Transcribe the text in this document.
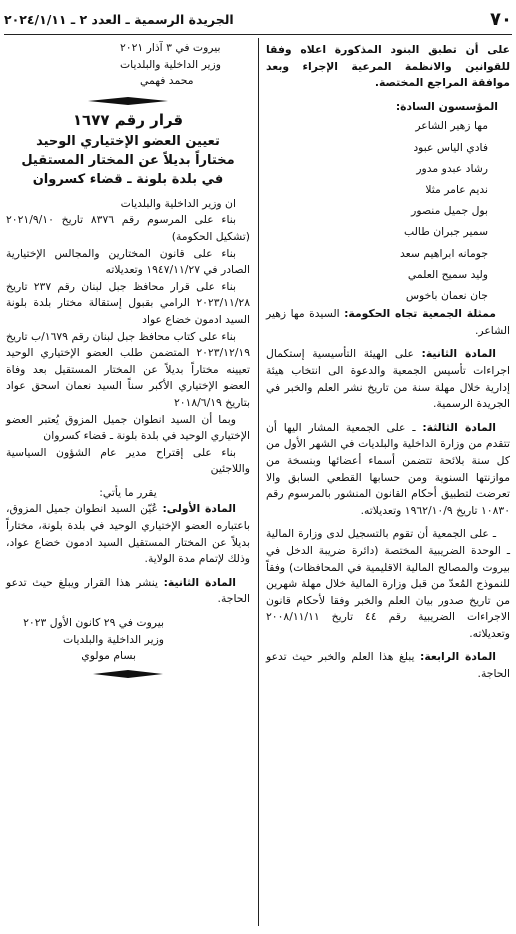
٧٠
الجريدة الرسمية ـ العدد ٢ ـ ٢٠٢٤/١/١١

على أن تطبق البنود المذكورة اعلاه وفقا للقوانين والانظمة المرعية الإجراء وبعد موافقة المراجع المختصة.

المؤسسون السادة:

مها زهير الشاعر

فادي الياس عبود

رشاد عبدو مدور

نديم عامر مثلا

بول جميل منصور

سمير جبران طالب

جومانه ابراهيم سعد

وليد سميح العلمي

جان نعمان باخوس

ممثلة الجمعية تجاه الحكومة: السيدة مها زهير الشاعر.

المادة الثانية: على الهيئة التأسيسية إستكمال اجراءات تأسيس الجمعية والدعوة الى انتخاب هيئة إدارية خلال مهلة سنة من تاريخ نشر العلم والخبر في الجريدة الرسمية.

المادة الثالثة: ـ على الجمعية المشار اليها أن تتقدم من وزارة الداخلية والبلديات في الشهر الأول من كل سنة بلائحة تتضمن أسماء أعضائها وبنسخة من موازنتها السنوية ومن حسابها القطعي السابق والا تعرضت لتطبيق أحكام القانون المنشور بالمرسوم رقم ١٠٨٣٠ تاريخ ١٩٦٢/١٠/٩ وتعديلاته.

ـ على الجمعية أن تقوم بالتسجيل لدى وزارة المالية ـ الوحدة الضريبية المختصة (دائرة ضريبة الدخل في بيروت والمصالح المالية الاقليمية في المحافظات) وفقاً للنموذج المُعدّ من قبل وزارة المالية خلال مهلة شهرين من تاريخ صدور بيان العلم والخبر وفقا لأحكام قانون الاجراءات الضريبية رقم ٤٤ تاريخ ٢٠٠٨/١١/١١ وتعديلاته.

المادة الرابعة: يبلغ هذا العلم والخبر حيث تدعو الحاجة.

بيروت في ٣ آذار ٢٠٢١

وزير الداخلية والبلديات

محمد فهمي

قرار رقم ١٦٧٧

تعيين العضو الإختياري الوحيد مختاراً بديلاً عن المختار المستقيل في بلدة بلونة ـ قضاء كسروان

ان وزير الداخلية والبلديات

بناء على المرسوم رقم ٨٣٧٦ تاريخ ٢٠٢١/٩/١٠ (تشكيل الحكومة)

بناء على قانون المختارين والمجالس الإختيارية الصادر في ١٩٤٧/١١/٢٧ وتعديلاته

بناء على قرار محافظ جبل لبنان رقم ٢٣٧ تاريخ ٢٠٢٣/١١/٢٨ الرامي بقبول إستقالة مختار بلدة بلونة السيد ادمون خضاع عواد

بناء على كتاب محافظ جبل لبنان رقم ١٦٧٩/ب تاريخ ٢٠٢٣/١٢/١٩ المتضمن طلب العضو الإختياري الوحيد تعيينه مختاراً بديلاً عن المختار المستقيل بعد وفاة العضو الإختياري الأكبر سناً السيد نعمان اسحق عواد بتاريخ ٢٠١٨/٦/١٩

وبما أن السيد انطوان جميل المزوق يُعتبر العضو الإختياري الوحيد في بلدة بلونة ـ قضاء كسروان

بناء على إقتراح مدير عام الشؤون السياسية واللاجئين

يقرر ما يأتي:

المادة الأولى: عُيّن السيد انطوان جميل المزوق، باعتباره العضو الإختياري الوحيد في بلدة بلونة، مختاراً بديلاً عن المختار المستقيل السيد ادمون خضاع عواد، وذلك لإتمام مدة الولاية.

المادة الثانية: ينشر هذا القرار ويبلغ حيث تدعو الحاجة.

بيروت في ٢٩ كانون الأول ٢٠٢٣

وزير الداخلية والبلديات

بسام مولوي
